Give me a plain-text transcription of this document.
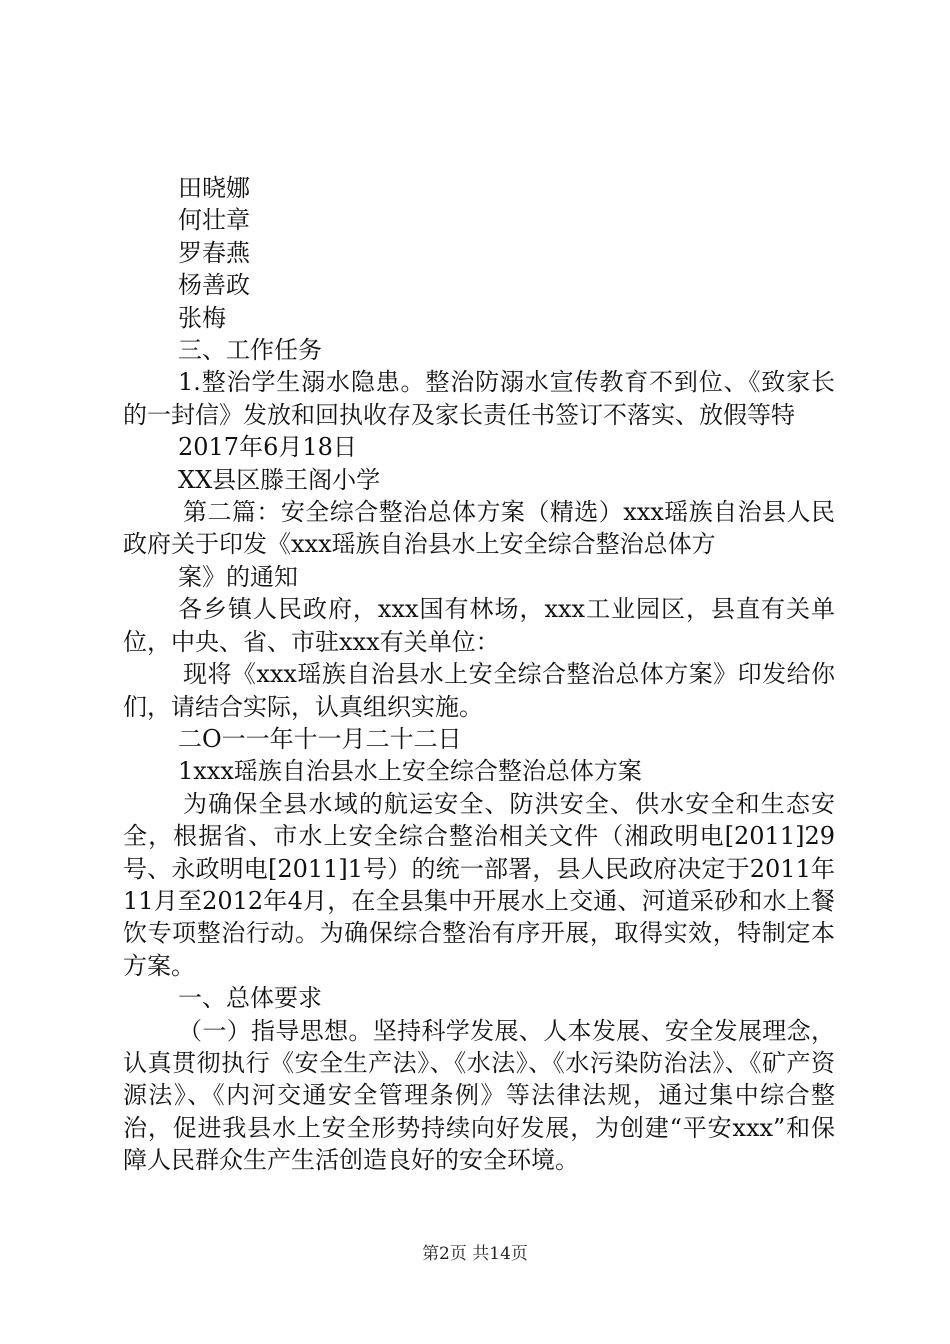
田晓娜

何壮章

罗春燕

杨善政

张梅

三、工作任务

1.整治学生溺水隐患。整治防溺水宣传教育不到位、《致家长的一封信》发放和回执收存及家长责任书签订不落实、放假等特

2017年6月18日

XX县区滕王阁小学

第二篇：安全综合整治总体方案（精选）xxx瑶族自治县人民政府关于印发《xxx瑶族自治县水上安全综合整治总体方

案》的通知

各乡镇人民政府，xxx国有林场，xxx工业园区，县直有关单位，中央、省、市驻xxx有关单位：

现将《xxx瑶族自治县水上安全综合整治总体方案》印发给你们，请结合实际，认真组织实施。

二O一一年十一月二十二日

1xxx瑶族自治县水上安全综合整治总体方案

为确保全县水域的航运安全、防洪安全、供水安全和生态安全，根据省、市水上安全综合整治相关文件（湘政明电[2011]29号、永政明电[2011]1号）的统一部署，县人民政府决定于2011年11月至2012年4月，在全县集中开展水上交通、河道采砂和水上餐饮专项整治行动。为确保综合整治有序开展，取得实效，特制定本方案。

一、总体要求

（一）指导思想。坚持科学发展、人本发展、安全发展理念，认真贯彻执行《安全生产法》、《水法》、《水污染防治法》、《矿产资源法》、《内河交通安全管理条例》等法律法规，通过集中综合整治，促进我县水上安全形势持续向好发展，为创建“平安xxx”和保障人民群众生产生活创造良好的安全环境。

第2页 共14页
